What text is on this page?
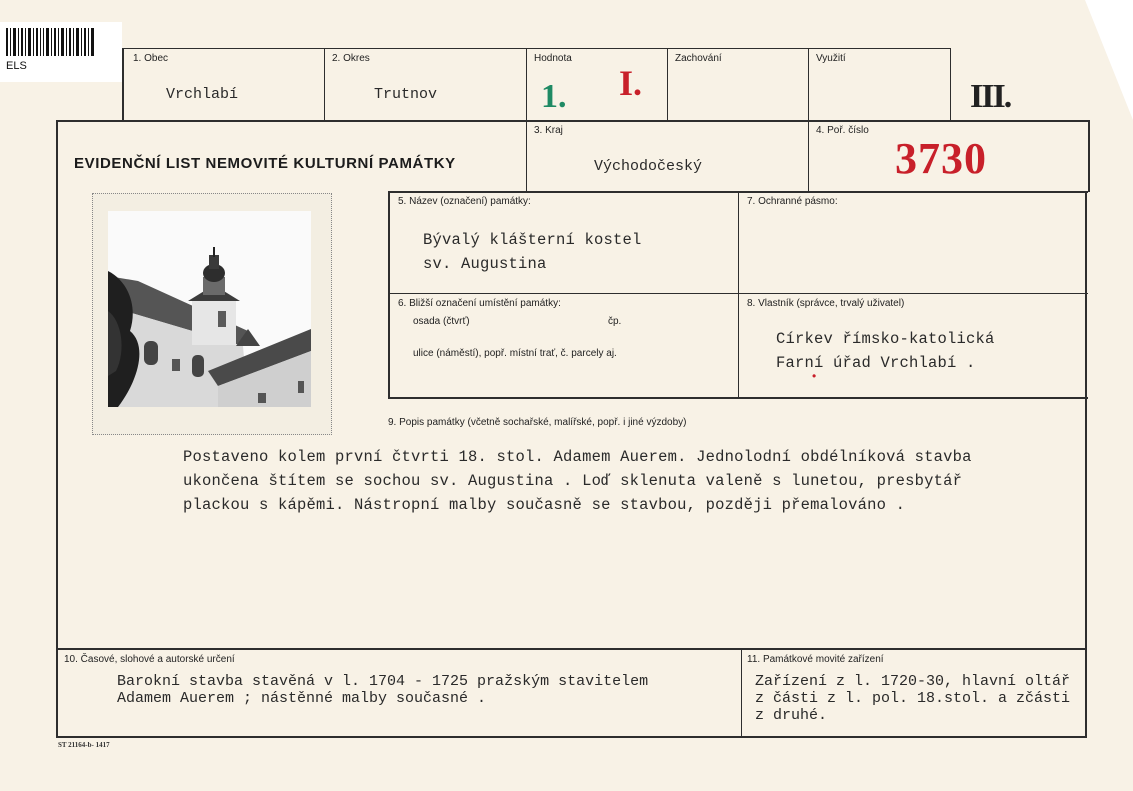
ELS
1. Obec
Vrchlabí
2. Okres
Trutnov
Hodnota
1. I.
Zachování	Využití
III.
EVIDENČNÍ LIST NEMOVITÉ KULTURNÍ PAMÁTKY
3. Kraj
Východočeský
4. Poř. číslo
3730
5. Název (označení) památky:
Bývalý klášterní kostel
sv. Augustina
7. Ochranné pásmo:
6. Bližší označení umístění památky:
osada (čtvrť)	čp.
ulice (náměstí), popř. místní trať, č. parcely aj.
8. Vlastník (správce, trvalý uživatel)
Církev římsko-katolická
Farní úřad Vrchlabí .
•
9. Popis památky (včetně sochařské, malířské, popř. i jiné výzdoby)
Postaveno kolem první čtvrti 18. stol. Adamem Auerem. Jednolodní obdélníková stavba
ukončena štítem se sochou sv. Augustina . Loď sklenuta valeně s lunetou, presbytář
plackou s kápěmi. Nástropní malby současně se stavbou, později přemalováno .
10. Časové, slohové a autorské určení
Barokní stavba stavěná v l. 1704 - 1725 pražským stavitelem
Adamem Auerem ; nástěnné malby současné .
11. Památkové movité zařízení
Zařízení z l. 1720-30, hlavní oltář
z části z l. pol. 18.stol. a zčásti
z druhé.
ST 21164-b- 1417
